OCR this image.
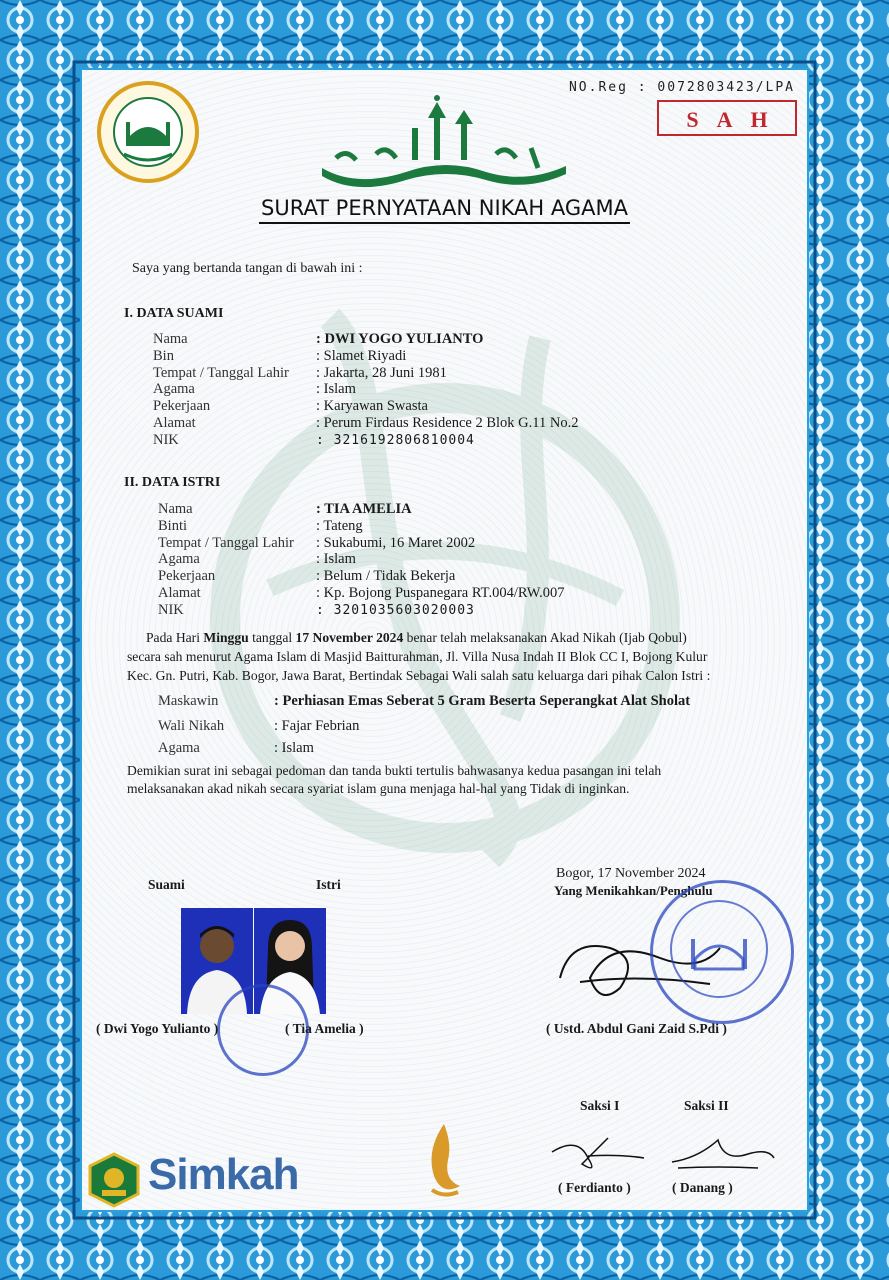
NO.Reg : 0072803423/LPA
SAH
SURAT PERNYATAAN NIKAH AGAMA
Saya yang bertanda tangan di bawah ini :
I. DATA SUAMI
Nama	: DWI YOGO YULIANTO
Bin	: Slamet Riyadi
Tempat / Tanggal Lahir : Jakarta, 28 Juni 1981
Agama	: Islam
Pekerjaan	: Karyawan Swasta
Alamat	: Perum Firdaus Residence 2 Blok G.11 No.2
NIK	: 3216192806810004
II. DATA ISTRI
Nama	: TIA AMELIA
Binti	: Tateng
Tempat / Tanggal Lahir : Sukabumi, 16 Maret 2002
Agama	: Islam
Pekerjaan	: Belum / Tidak Bekerja
Alamat	: Kp. Bojong Puspanegara RT.004/RW.007
NIK	: 3201035603020003
Pada Hari Minggu tanggal 17 November 2024 benar telah melaksanakan Akad Nikah (Ijab Qobul)
secara sah menurut Agama Islam di Masjid Baitturahman, Jl. Villa Nusa Indah II Blok CC I, Bojong Kulur
Kec. Gn. Putri, Kab. Bogor, Jawa Barat, Bertindak Sebagai Wali salah satu keluarga dari pihak Calon Istri :
Maskawin	: Perhiasan Emas Seberat 5 Gram Beserta Seperangkat Alat Sholat
Wali Nikah	: Fajar Febrian
Agama	: Islam
Demikian surat ini sebagai pedoman dan tanda bukti tertulis bahwasanya kedua pasangan ini telah
melaksanakan akad nikah secara syariat islam guna menjaga hal-hal yang Tidak di inginkan.
Suami	Istri
( Dwi Yogo Yulianto )	( Tia Amelia )
Bogor, 17 November 2024
Yang Menikahkan/Penghulu
( Ustd. Abdul Gani Zaid S.Pdi )
Saksi I	Saksi II
( Ferdianto )	( Danang )
Simkah
